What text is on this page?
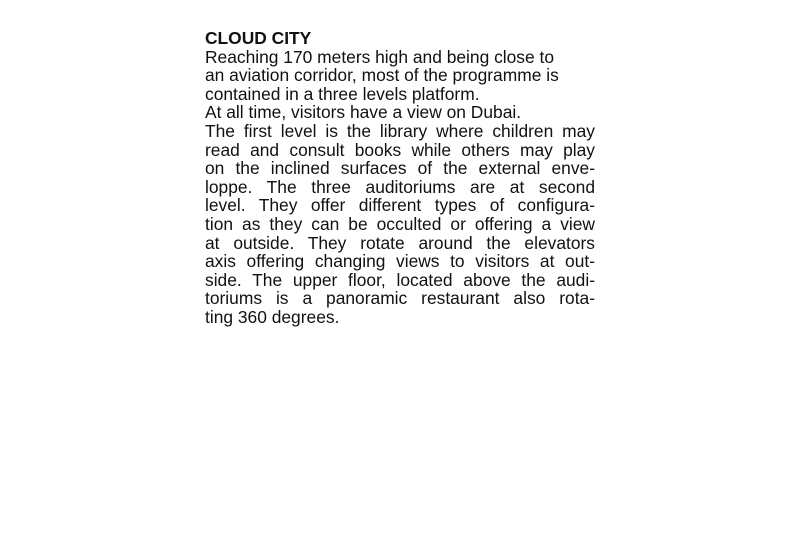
CLOUD CITY
Reaching 170 meters high and being close to
an aviation corridor, most of the programme is
contained in a three levels platform.
At all time, visitors have a view on Dubai.
The first level is the library where children may
read and consult books while others may play
on the inclined surfaces of the external enve-
loppe. The three auditoriums are at second
level. They offer different types of configura-
tion as they can be occulted or offering a view
at outside. They rotate around the elevators
axis offering changing views to visitors at out-
side. The upper floor, located above the audi-
toriums is a panoramic restaurant also rota-
ting 360 degrees.
